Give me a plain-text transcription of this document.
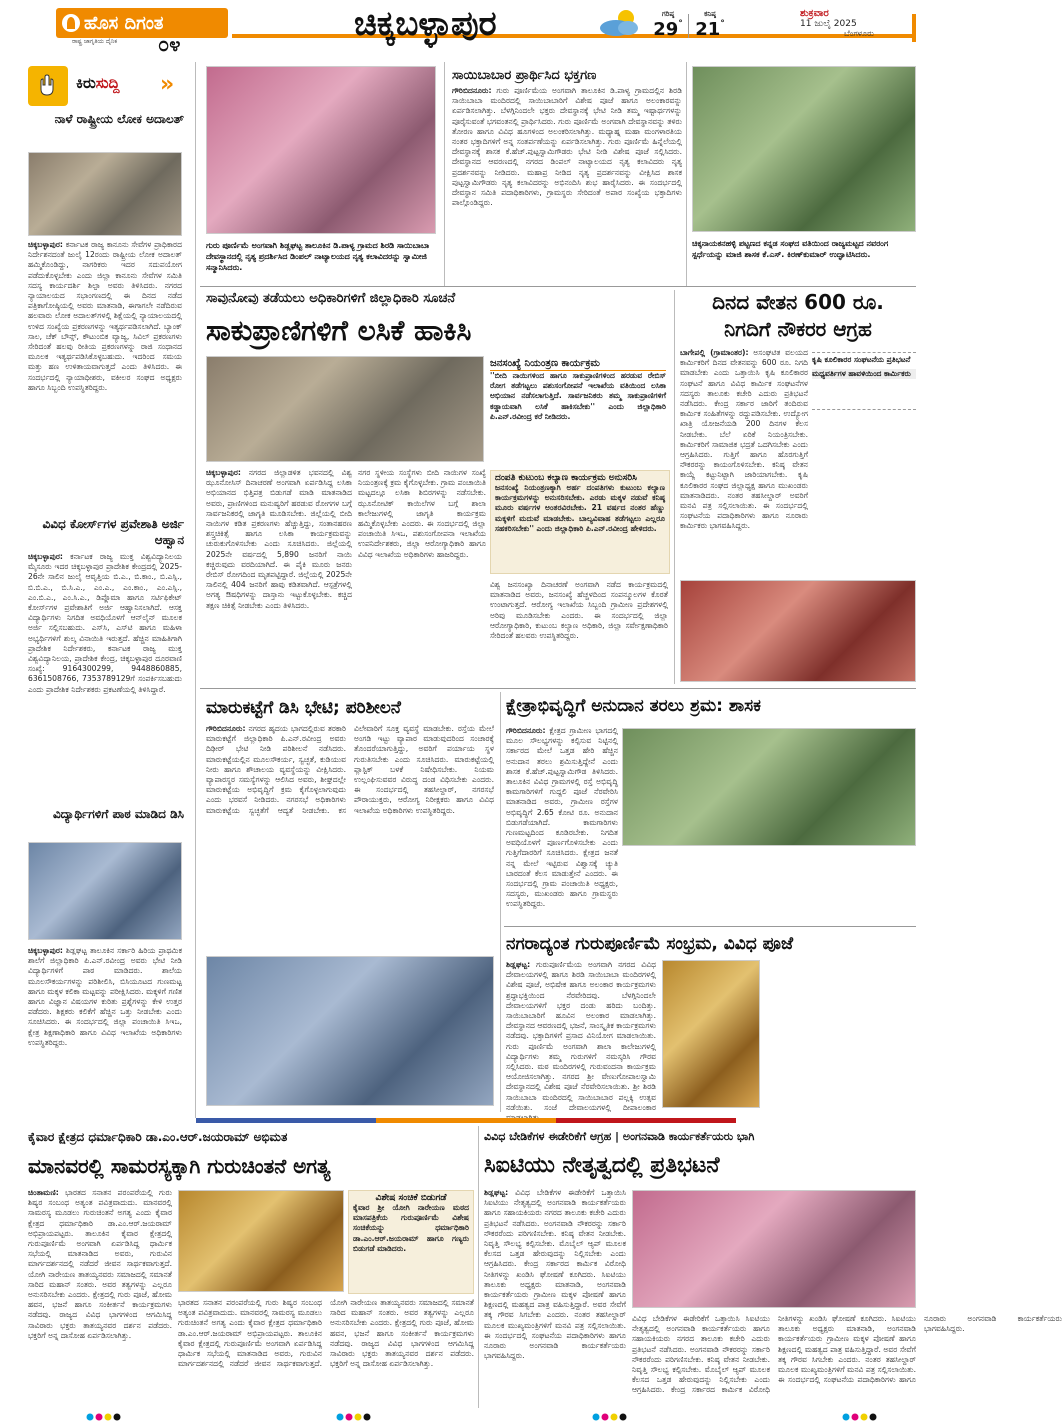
ಹೊಸ ದಿಗಂತ
ರಾಷ್ಟ್ರ ಜಾಗೃತಿಯ ದೈನಿಕ ೦೪	ಚಿಕ್ಕಬಳ್ಳಾಪುರ	ಗರಿಷ್ಠ
29°
ಕನಿಷ್ಠ
21°
ಶುಕ್ರವಾರ
11 ಜುಲೈ 2025
ಬೆಂಗಳೂರು
ಕಿರುಸುದ್ದಿ »
ನಾಳೆ ರಾಷ್ಟ್ರೀಯ ಲೋಕ ಅದಾಲತ್
ಚಿಕ್ಕಬಳ್ಳಾಪುರ: ಕರ್ನಾಟಕ ರಾಜ್ಯ ಕಾನೂನು ಸೇವೆಗಳ ಪ್ರಾಧಿಕಾರದ ನಿರ್ದೇಶನದಂತೆ ಜುಲೈ 12ರಂದು ರಾಷ್ಟ್ರೀಯ ಲೋಕ ಅದಾಲತ್ ಹಮ್ಮಿಕೊಂಡಿದ್ದು, ನಾಗರಿಕರು ಇದರ ಸದುಪಯೋಗ ಪಡೆದುಕೊಳ್ಳಬೇಕು ಎಂದು ಜಿಲ್ಲಾ ಕಾನೂನು ಸೇವೆಗಳ ಸಮಿತಿ ಸದಸ್ಯ ಕಾರ್ಯದರ್ಶಿ ಶಿಲ್ಪಾ ಅವರು ತಿಳಿಸಿದರು. ನಗರದ ನ್ಯಾಯಾಲಯದ ಸಭಾಂಗಣದಲ್ಲಿ ಈ ದಿನದ ನಡೆದ ಪತ್ರಿಕಾಗೋಷ್ಠಿಯಲ್ಲಿ ಅವರು ಮಾತನಾಡಿ, ಈಗಾಗಲೇ ನಡೆದಿರುವ ಹಲವಾರು ಲೋಕ ಅದಾಲತ್‌ಗಳಲ್ಲಿ ಶಿಕ್ಷೆಯಲ್ಲಿ ನ್ಯಾಯಾಲಯದಲ್ಲಿ ಉಳಿದ ಸಂಖ್ಯೆಯ ಪ್ರಕರಣಗಳನ್ನು ಇತ್ಯರ್ಥಪಡಿಸಲಾಗಿದೆ. ಬ್ಯಾಂಕ್ ಸಾಲ, ಚೆಕ್ ಬೌನ್ಸ್, ಕೌಟುಂಬಿಕ ವ್ಯಾಜ್ಯ, ಸಿವಿಲ್ ಪ್ರಕರಣಗಳು ಸೇರಿದಂತೆ ಹಲವು ರೀತಿಯ ಪ್ರಕರಣಗಳನ್ನು ರಾಜಿ ಸಂಧಾನದ ಮೂಲಕ ಇತ್ಯರ್ಥಪಡಿಸಿಕೊಳ್ಳಬಹುದು. ಇದರಿಂದ ಸಮಯ ಮತ್ತು ಹಣ ಉಳಿತಾಯವಾಗುತ್ತದೆ ಎಂದು ತಿಳಿಸಿದರು. ಈ ಸಂದರ್ಭದಲ್ಲಿ ನ್ಯಾಯಾಧೀಶರು, ವಕೀಲರ ಸಂಘದ ಅಧ್ಯಕ್ಷರು ಹಾಗೂ ಸಿಬ್ಬಂದಿ ಉಪಸ್ಥಿತರಿದ್ದರು.
ವಿವಿಧ ಕೋರ್ಸ್‌ಗಳ ಪ್ರವೇಶಾತಿ ಅರ್ಜಿ ಆಹ್ವಾನ
ಚಿಕ್ಕಬಳ್ಳಾಪುರ: ಕರ್ನಾಟಕ ರಾಜ್ಯ ಮುಕ್ತ ವಿಶ್ವವಿದ್ಯಾನಿಲಯ ಮೈಸೂರು ಇದರ ಚಿಕ್ಕಬಳ್ಳಾಪುರ ಪ್ರಾದೇಶಿಕ ಕೇಂದ್ರದಲ್ಲಿ 2025-26ನೇ ಸಾಲಿನ ಜುಲೈ ಆವೃತ್ತಿಯ ಬಿ.ಎ., ಬಿ.ಕಾಂ., ಬಿ.ಎಸ್ಸಿ., ಬಿ.ಬಿ.ಎ., ಬಿ.ಸಿ.ಎ., ಎಂ.ಎ., ಎಂ.ಕಾಂ., ಎಂ.ಎಸ್ಸಿ., ಎಂ.ಬಿ.ಎ., ಎಂ.ಸಿ.ಎ., ಡಿಪ್ಲೊಮಾ ಹಾಗೂ ಸರ್ಟಿಫಿಕೇಟ್ ಕೋರ್ಸ್‌ಗಳ ಪ್ರವೇಶಾತಿಗೆ ಅರ್ಜಿ ಆಹ್ವಾನಿಸಲಾಗಿದೆ. ಆಸಕ್ತ ವಿದ್ಯಾರ್ಥಿಗಳು ನಿಗದಿತ ಅವಧಿಯೊಳಗೆ ಆನ್‌ಲೈನ್ ಮೂಲಕ ಅರ್ಜಿ ಸಲ್ಲಿಸಬಹುದು. ಎಸ್‌ಸಿ, ಎಸ್‌ಟಿ ಹಾಗೂ ಮಹಿಳಾ ಅಭ್ಯರ್ಥಿಗಳಿಗೆ ಶುಲ್ಕ ವಿನಾಯಿತಿ ಇರುತ್ತದೆ. ಹೆಚ್ಚಿನ ಮಾಹಿತಿಗಾಗಿ ಪ್ರಾದೇಶಿಕ ನಿರ್ದೇಶಕರು, ಕರ್ನಾಟಕ ರಾಜ್ಯ ಮುಕ್ತ ವಿಶ್ವವಿದ್ಯಾನಿಲಯ, ಪ್ರಾದೇಶಿಕ ಕೇಂದ್ರ, ಚಿಕ್ಕಬಳ್ಳಾಪುರ ದೂರವಾಣಿ ಸಂಖ್ಯೆ: 9164300299, 9448860885, 6361508766, 7353789129ಗೆ ಸಂಪರ್ಕಿಸಬಹುದು ಎಂದು ಪ್ರಾದೇಶಿಕ ನಿರ್ದೇಶಕರು ಪ್ರಕಟಣೆಯಲ್ಲಿ ತಿಳಿಸಿದ್ದಾರೆ.
ವಿದ್ಯಾರ್ಥಿಗಳಿಗೆ ಪಾಠ ಮಾಡಿದ ಡಿಸಿ
ಚಿಕ್ಕಬಳ್ಳಾಪುರ: ಶಿಡ್ಲಘಟ್ಟ ತಾಲೂಕಿನ ಸರ್ಕಾರಿ ಹಿರಿಯ ಪ್ರಾಥಮಿಕ ಶಾಲೆಗೆ ಜಿಲ್ಲಾಧಿಕಾರಿ ಪಿ.ಎನ್.ರವೀಂದ್ರ ಅವರು ಭೇಟಿ ನೀಡಿ ವಿದ್ಯಾರ್ಥಿಗಳಿಗೆ ಪಾಠ ಮಾಡಿದರು. ಶಾಲೆಯ ಮೂಲಸೌಕರ್ಯಗಳನ್ನು ಪರಿಶೀಲಿಸಿ, ಬಿಸಿಯೂಟದ ಗುಣಮಟ್ಟ ಹಾಗೂ ಮಕ್ಕಳ ಕಲಿಕಾ ಮಟ್ಟವನ್ನು ಪರೀಕ್ಷಿಸಿದರು. ಮಕ್ಕಳಿಗೆ ಗಣಿತ ಹಾಗೂ ವಿಜ್ಞಾನ ವಿಷಯಗಳ ಕುರಿತು ಪ್ರಶ್ನೆಗಳನ್ನು ಕೇಳಿ ಉತ್ತರ ಪಡೆದರು. ಶಿಕ್ಷಕರು ಕಲಿಕೆಗೆ ಹೆಚ್ಚಿನ ಒತ್ತು ನೀಡಬೇಕು ಎಂದು ಸೂಚಿಸಿದರು. ಈ ಸಂದರ್ಭದಲ್ಲಿ ಜಿಲ್ಲಾ ಪಂಚಾಯಿತಿ ಸಿಇಒ, ಕ್ಷೇತ್ರ ಶಿಕ್ಷಣಾಧಿಕಾರಿ ಹಾಗೂ ವಿವಿಧ ಇಲಾಖೆಯ ಅಧಿಕಾರಿಗಳು ಉಪಸ್ಥಿತರಿದ್ದರು.
ಗುರು ಪೂರ್ಣಿಮೆ ಅಂಗವಾಗಿ ಶಿಡ್ಲಘಟ್ಟ ತಾಲೂಕಿನ ಡಿ.ಪಾಳ್ಯ ಗ್ರಾಮದ ಶಿರಡಿ ಸಾಯಿಬಾಬಾ ದೇವಸ್ಥಾನದಲ್ಲಿ ನೃತ್ಯ ಪ್ರದರ್ಶಿಸಿದ ಡಿಂಪಲ್ ನಾಟ್ಯಾಲಯದ ನೃತ್ಯ ಕಲಾವಿದರನ್ನು ಸ್ವಾಮೀಜಿ ಸನ್ಮಾನಿಸಿದರು.
ಸಾಯಿಬಾಬಾರ ಪ್ರಾರ್ಥಿಸಿದ ಭಕ್ತಗಣ
ಗೌರಿಬಿದನೂರು: ಗುರು ಪೂರ್ಣಿಮೆಯ ಅಂಗವಾಗಿ ತಾಲೂಕಿನ ಡಿ.ಪಾಳ್ಯ ಗ್ರಾಮದಲ್ಲಿನ ಶಿರಡಿ ಸಾಯಿಬಾಬಾ ಮಂದಿರದಲ್ಲಿ ಸಾಯಿಬಾಬಾರಿಗೆ ವಿಶೇಷ ಪೂಜೆ ಹಾಗೂ ಅಲಂಕಾರವನ್ನು ಏರ್ಪಡಿಸಲಾಗಿತ್ತು. ಬೆಳಗ್ಗಿನಿಂದಲೇ ಭಕ್ತರು ದೇವಸ್ಥಾನಕ್ಕೆ ಭೇಟಿ ನೀಡಿ ತಮ್ಮ ಇಷ್ಟಾರ್ಥಗಳನ್ನು ಪೂರೈಸುವಂತೆ ಭಗವಂತನಲ್ಲಿ ಪ್ರಾರ್ಥಿಸಿದರು. ಗುರು ಪೂರ್ಣಿಮೆ ಅಂಗವಾಗಿ ದೇವಸ್ಥಾನವನ್ನು ತಳಿರು ತೋರಣ ಹಾಗೂ ವಿವಿಧ ಹೂಗಳಿಂದ ಅಲಂಕರಿಸಲಾಗಿತ್ತು. ಮಧ್ಯಾಹ್ನ ಮಹಾ ಮಂಗಳಾರತಿಯ ನಂತರ ಭಕ್ತಾದಿಗಳಿಗೆ ಅನ್ನ ಸಂತರ್ಪಣೆಯನ್ನು ಏರ್ಪಡಿಸಲಾಗಿತ್ತು. ಗುರು ಪೂರ್ಣಿಮೆ ಹಿನ್ನೆಲೆಯಲ್ಲಿ ದೇವಸ್ಥಾನಕ್ಕೆ ಶಾಸಕ ಕೆ.ಹೆಚ್.ಪುಟ್ಟಸ್ವಾಮಿಗೌಡರು ಭೇಟಿ ನೀಡಿ ವಿಶೇಷ ಪೂಜೆ ಸಲ್ಲಿಸಿದರು. ದೇವಸ್ಥಾನದ ಆವರಣದಲ್ಲಿ ನಗರದ ಡಿಂಪಲ್ ನಾಟ್ಯಾಲಯದ ನೃತ್ಯ ಕಲಾವಿದರು ನೃತ್ಯ ಪ್ರದರ್ಶನವನ್ನು ನೀಡಿದರು. ಮಹಾಪ್ರ ನೀಡಿದ ನೃತ್ಯ ಪ್ರದರ್ಶನವನ್ನು ವೀಕ್ಷಿಸಿದ ಶಾಸಕ ಪುಟ್ಟಸ್ವಾಮಿಗೌಡರು ನೃತ್ಯ ಕಲಾವಿದರನ್ನು ಅಭಿನಂದಿಸಿ ಶುಭ ಹಾರೈಸಿದರು. ಈ ಸಂದರ್ಭದಲ್ಲಿ ದೇವಸ್ಥಾನ ಸಮಿತಿ ಪದಾಧಿಕಾರಿಗಳು, ಗ್ರಾಮಸ್ಥರು ಸೇರಿದಂತೆ ಅಪಾರ ಸಂಖ್ಯೆಯ ಭಕ್ತಾದಿಗಳು ಪಾಲ್ಗೊಂಡಿದ್ದರು.
ಚಿಕ್ಕನಾಯಕನಹಳ್ಳಿ ಪಟ್ಟಣದ ಕನ್ನಡ ಸಂಘದ ವತಿಯಿಂದ ರಾಜ್ಯಮಟ್ಟದ ನವರಂಗ ಸ್ಪರ್ಧೆಯನ್ನು ಮಾಜಿ ಶಾಸಕ ಕೆ.ಎಸ್. ಕಿರಣ್‌ಕುಮಾರ್ ಉದ್ಘಾಟಿಸಿದರು.
ಸಾವುನೋವು ತಡೆಯಲು ಅಧಿಕಾರಿಗಳಿಗೆ ಜಿಲ್ಲಾಧಿಕಾರಿ ಸೂಚನೆ
ಸಾಕುಪ್ರಾಣಿಗಳಿಗೆ ಲಸಿಕೆ ಹಾಕಿಸಿ
ಜನಸಂಖ್ಯೆ ನಿಯಂತ್ರಣ ಕಾರ್ಯಕ್ರಮ
''ಬೀದಿ ನಾಯಿಗಳಿಂದ ಹಾಗೂ ಸಾಕುಪ್ರಾಣಿಗಳಿಂದ ಹರಡುವ ರೇಬಿಸ್ ರೋಗ ತಡೆಗಟ್ಟಲು ಪಶುಸಂಗೋಪನೆ ಇಲಾಖೆಯ ವತಿಯಿಂದ ಲಸಿಕಾ ಅಭಿಯಾನ ನಡೆಸಲಾಗುತ್ತಿದೆ. ಸಾರ್ವಜನಿಕರು ತಮ್ಮ ಸಾಕುಪ್ರಾಣಿಗಳಿಗೆ ಕಡ್ಡಾಯವಾಗಿ ಲಸಿಕೆ ಹಾಕಿಸಬೇಕು'' ಎಂದು ಜಿಲ್ಲಾಧಿಕಾರಿ ಪಿ.ಎನ್.ರವೀಂದ್ರ ಕರೆ ನೀಡಿದರು.
ಚಿಕ್ಕಬಳ್ಳಾಪುರ: ನಗರದ ಜಿಲ್ಲಾಡಳಿತ ಭವನದಲ್ಲಿ ವಿಶ್ವ ಝೂನೋಸಿಸ್ ದಿನಾಚರಣೆ ಅಂಗವಾಗಿ ಏರ್ಪಡಿಸಿದ್ದ ಲಸಿಕಾ ಅಭಿಯಾನದ ಭಿತ್ತಿಪತ್ರ ಬಿಡುಗಡೆ ಮಾಡಿ ಮಾತನಾಡಿದ ಅವರು, ಪ್ರಾಣಿಗಳಿಂದ ಮನುಷ್ಯರಿಗೆ ಹರಡುವ ರೋಗಗಳ ಬಗ್ಗೆ ಸಾರ್ವಜನಿಕರಲ್ಲಿ ಜಾಗೃತಿ ಮೂಡಿಸಬೇಕು. ಜಿಲ್ಲೆಯಲ್ಲಿ ಬೀದಿ ನಾಯಿಗಳ ಕಡಿತ ಪ್ರಕರಣಗಳು ಹೆಚ್ಚುತ್ತಿದ್ದು, ಸಂತಾನಹರಣ ಶಸ್ತ್ರಚಿಕಿತ್ಸೆ ಹಾಗೂ ಲಸಿಕಾ ಕಾರ್ಯಕ್ರಮವನ್ನು ಚುರುಕುಗೊಳಿಸಬೇಕು ಎಂದು ಸೂಚಿಸಿದರು. ಜಿಲ್ಲೆಯಲ್ಲಿ 2025ನೇ ವರ್ಷದಲ್ಲಿ 5,890 ಜನರಿಗೆ ನಾಯಿ ಕಚ್ಚಿರುವುದು ವರದಿಯಾಗಿದೆ. ಈ ಪೈಕಿ ಮೂರು ಜನರು ರೇಬಿಸ್ ರೋಗದಿಂದ ಮೃತಪಟ್ಟಿದ್ದಾರೆ. ಜಿಲ್ಲೆಯಲ್ಲಿ 2025ನೇ ಸಾಲಿನಲ್ಲಿ 404 ಜನರಿಗೆ ಹಾವು ಕಡಿತವಾಗಿದೆ. ಆಸ್ಪತ್ರೆಗಳಲ್ಲಿ ಅಗತ್ಯ ಔಷಧಿಗಳನ್ನು ದಾಸ್ತಾನು ಇಟ್ಟುಕೊಳ್ಳಬೇಕು. ಕಚ್ಚಿದ ತಕ್ಷಣ ಚಿಕಿತ್ಸೆ ನೀಡಬೇಕು ಎಂದು ತಿಳಿಸಿದರು.
ನಗರ ಸ್ಥಳೀಯ ಸಂಸ್ಥೆಗಳು ಬೀದಿ ನಾಯಿಗಳ ಸಂಖ್ಯೆ ನಿಯಂತ್ರಣಕ್ಕೆ ಕ್ರಮ ಕೈಗೊಳ್ಳಬೇಕು. ಗ್ರಾಮ ಪಂಚಾಯಿತಿ ಮಟ್ಟದಲ್ಲೂ ಲಸಿಕಾ ಶಿಬಿರಗಳನ್ನು ನಡೆಸಬೇಕು. ಝೂನೋಟಿಕ್ ಕಾಯಿಲೆಗಳ ಬಗ್ಗೆ ಶಾಲಾ ಕಾಲೇಜುಗಳಲ್ಲಿ ಜಾಗೃತಿ ಕಾರ್ಯಕ್ರಮ ಹಮ್ಮಿಕೊಳ್ಳಬೇಕು ಎಂದರು. ಈ ಸಂದರ್ಭದಲ್ಲಿ ಜಿಲ್ಲಾ ಪಂಚಾಯಿತಿ ಸಿಇಒ, ಪಶುಸಂಗೋಪನಾ ಇಲಾಖೆಯ ಉಪನಿರ್ದೇಶಕರು, ಜಿಲ್ಲಾ ಆರೋಗ್ಯಾಧಿಕಾರಿ ಹಾಗೂ ವಿವಿಧ ಇಲಾಖೆಯ ಅಧಿಕಾರಿಗಳು ಹಾಜರಿದ್ದರು.
ದಂಪತಿ ಕುಟುಂಬ ಕಲ್ಯಾಣ ಕಾರ್ಯಕ್ರಮ ಅನುಸರಿಸಿ
ಜನಸಂಖ್ಯೆ ನಿಯಂತ್ರಣಕ್ಕಾಗಿ ಅರ್ಹ ದಂಪತಿಗಳು ಕುಟುಂಬ ಕಲ್ಯಾಣ ಕಾರ್ಯಕ್ರಮಗಳನ್ನು ಅನುಸರಿಸಬೇಕು. ಎರಡು ಮಕ್ಕಳ ನಡುವೆ ಕನಿಷ್ಠ ಮೂರು ವರ್ಷಗಳ ಅಂತರವಿರಬೇಕು. 21 ವರ್ಷದ ನಂತರ ಹೆಣ್ಣು ಮಕ್ಕಳಿಗೆ ಮದುವೆ ಮಾಡಬೇಕು. ಬಾಲ್ಯವಿವಾಹ ತಡೆಗಟ್ಟಲು ಎಲ್ಲರೂ ಸಹಕರಿಸಬೇಕು'' ಎಂದು ಜಿಲ್ಲಾಧಿಕಾರಿ ಪಿ.ಎನ್.ರವೀಂದ್ರ ಹೇಳಿದರು.
ವಿಶ್ವ ಜನಸಂಖ್ಯಾ ದಿನಾಚರಣೆ ಅಂಗವಾಗಿ ನಡೆದ ಕಾರ್ಯಕ್ರಮದಲ್ಲಿ ಮಾತನಾಡಿದ ಅವರು, ಜನಸಂಖ್ಯೆ ಹೆಚ್ಚಳದಿಂದ ಸಂಪನ್ಮೂಲಗಳ ಕೊರತೆ ಉಂಟಾಗುತ್ತದೆ. ಆರೋಗ್ಯ ಇಲಾಖೆಯ ಸಿಬ್ಬಂದಿ ಗ್ರಾಮೀಣ ಪ್ರದೇಶಗಳಲ್ಲಿ ಅರಿವು ಮೂಡಿಸಬೇಕು ಎಂದರು. ಈ ಸಂದರ್ಭದಲ್ಲಿ ಜಿಲ್ಲಾ ಆರೋಗ್ಯಾಧಿಕಾರಿ, ಕುಟುಂಬ ಕಲ್ಯಾಣ ಅಧಿಕಾರಿ, ಜಿಲ್ಲಾ ಸರ್ವೇಕ್ಷಣಾಧಿಕಾರಿ ಸೇರಿದಂತೆ ಹಲವರು ಉಪಸ್ಥಿತರಿದ್ದರು.
ದಿನದ ವೇತನ 600 ರೂ.
ನಿಗದಿಗೆ ನೌಕರರ ಆಗ್ರಹ
ಬಾಗೇಪಲ್ಲಿ (ಗ್ರಾಮಾಂತರ): ಅಸಂಘಟಿತ ವಲಯದ ಕಾರ್ಮಿಕರಿಗೆ ದಿನದ ವೇತನವನ್ನು 600 ರೂ. ನಿಗದಿ ಮಾಡಬೇಕು ಎಂದು ಒತ್ತಾಯಿಸಿ ಕೃಷಿ ಕೂಲಿಕಾರರ ಸಂಘಟನೆ ಹಾಗೂ ವಿವಿಧ ಕಾರ್ಮಿಕ ಸಂಘಟನೆಗಳ ಸದಸ್ಯರು ತಾಲೂಕು ಕಚೇರಿ ಎದುರು ಪ್ರತಿಭಟನೆ ನಡೆಸಿದರು. ಕೇಂದ್ರ ಸರ್ಕಾರ ಜಾರಿಗೆ ತಂದಿರುವ ಕಾರ್ಮಿಕ ಸಂಹಿತೆಗಳನ್ನು ರದ್ದುಪಡಿಸಬೇಕು. ಉದ್ಯೋಗ ಖಾತ್ರಿ ಯೋಜನೆಯಡಿ 200 ದಿನಗಳ ಕೆಲಸ ನೀಡಬೇಕು. ಬೆಲೆ ಏರಿಕೆ ನಿಯಂತ್ರಿಸಬೇಕು. ಕಾರ್ಮಿಕರಿಗೆ ಸಾಮಾಜಿಕ ಭದ್ರತೆ ಒದಗಿಸಬೇಕು ಎಂದು ಆಗ್ರಹಿಸಿದರು. ಗುತ್ತಿಗೆ ಹಾಗೂ ಹೊರಗುತ್ತಿಗೆ ನೌಕರರನ್ನು ಕಾಯಂಗೊಳಿಸಬೇಕು. ಕನಿಷ್ಠ ವೇತನ ಕಾಯ್ದೆ ಕಟ್ಟುನಿಟ್ಟಾಗಿ ಜಾರಿಯಾಗಬೇಕು. ಕೃಷಿ ಕೂಲಿಕಾರರ ಸಂಘದ ಜಿಲ್ಲಾಧ್ಯಕ್ಷ ಹಾಗೂ ಮುಖಂಡರು ಮಾತನಾಡಿದರು. ನಂತರ ತಹಸೀಲ್ದಾರ್ ಅವರಿಗೆ ಮನವಿ ಪತ್ರ ಸಲ್ಲಿಸಲಾಯಿತು. ಈ ಸಂದರ್ಭದಲ್ಲಿ ಸಂಘಟನೆಯ ಪದಾಧಿಕಾರಿಗಳು ಹಾಗೂ ನೂರಾರು ಕಾರ್ಮಿಕರು ಭಾಗವಹಿಸಿದ್ದರು.
ಕೃಷಿ ಕೂಲಿಕಾರರ ಸಂಘಟನೆಯ ಪ್ರತಿಭಟನೆ
ಮಧ್ಯವರ್ತಿಗಳ ಹಾವಳಿಯಿಂದ ಕಾರ್ಮಿಕರು
ಮಾರುಕಟ್ಟೆಗೆ ಡಿಸಿ ಭೇಟಿ; ಪರಿಶೀಲನೆ
ಗೌರಿಬಿದನೂರು: ನಗರದ ಹೃದಯ ಭಾಗದಲ್ಲಿರುವ ತರಕಾರಿ ಮಾರುಕಟ್ಟೆಗೆ ಜಿಲ್ಲಾಧಿಕಾರಿ ಪಿ.ಎನ್.ರವೀಂದ್ರ ಅವರು ದಿಢೀರ್ ಭೇಟಿ ನೀಡಿ ಪರಿಶೀಲನೆ ನಡೆಸಿದರು. ಮಾರುಕಟ್ಟೆಯಲ್ಲಿನ ಮೂಲಸೌಕರ್ಯ, ಸ್ವಚ್ಛತೆ, ಕುಡಿಯುವ ನೀರು ಹಾಗೂ ಶೌಚಾಲಯ ವ್ಯವಸ್ಥೆಯನ್ನು ವೀಕ್ಷಿಸಿದರು. ವ್ಯಾಪಾರಸ್ಥರ ಸಮಸ್ಯೆಗಳನ್ನು ಆಲಿಸಿದ ಅವರು, ಶೀಘ್ರದಲ್ಲೇ ಮಾರುಕಟ್ಟೆಯ ಅಭಿವೃದ್ಧಿಗೆ ಕ್ರಮ ಕೈಗೊಳ್ಳಲಾಗುವುದು ಎಂದು ಭರವಸೆ ನೀಡಿದರು. ನಗರಸಭೆ ಅಧಿಕಾರಿಗಳು ಮಾರುಕಟ್ಟೆಯ ಸ್ವಚ್ಛತೆಗೆ ಆದ್ಯತೆ ನೀಡಬೇಕು. ಕಸ ವಿಲೇವಾರಿಗೆ ಸೂಕ್ತ ವ್ಯವಸ್ಥೆ ಮಾಡಬೇಕು. ರಸ್ತೆಯ ಮೇಲೆ ಅಂಗಡಿ ಇಟ್ಟು ವ್ಯಾಪಾರ ಮಾಡುವುದರಿಂದ ಸಂಚಾರಕ್ಕೆ ತೊಂದರೆಯಾಗುತ್ತಿದ್ದು, ಅವರಿಗೆ ಪರ್ಯಾಯ ಸ್ಥಳ ಗುರುತಿಸಬೇಕು ಎಂದು ಸೂಚಿಸಿದರು. ಮಾರುಕಟ್ಟೆಯಲ್ಲಿ ಪ್ಲಾಸ್ಟಿಕ್ ಬಳಕೆ ನಿಷೇಧಿಸಬೇಕು. ನಿಯಮ ಉಲ್ಲಂಘಿಸುವವರ ವಿರುದ್ಧ ದಂಡ ವಿಧಿಸಬೇಕು ಎಂದರು. ಈ ಸಂದರ್ಭದಲ್ಲಿ ತಹಸೀಲ್ದಾರ್, ನಗರಸಭೆ ಪೌರಾಯುಕ್ತರು, ಆರೋಗ್ಯ ನಿರೀಕ್ಷಕರು ಹಾಗೂ ವಿವಿಧ ಇಲಾಖೆಯ ಅಧಿಕಾರಿಗಳು ಉಪಸ್ಥಿತರಿದ್ದರು.
ಕ್ಷೇತ್ರಾಭಿವೃದ್ಧಿಗೆ ಅನುದಾನ ತರಲು ಶ್ರಮ: ಶಾಸಕ
ಗೌರಿಬಿದನೂರು: ಕ್ಷೇತ್ರದ ಗ್ರಾಮೀಣ ಭಾಗದಲ್ಲಿ ಮೂಲ ಸೌಲಭ್ಯಗಳನ್ನು ಕಲ್ಪಿಸುವ ನಿಟ್ಟಿನಲ್ಲಿ ಸರ್ಕಾರದ ಮೇಲೆ ಒತ್ತಡ ಹೇರಿ ಹೆಚ್ಚಿನ ಅನುದಾನ ತರಲು ಶ್ರಮಿಸುತ್ತಿದ್ದೇನೆ ಎಂದು ಶಾಸಕ ಕೆ.ಹೆಚ್.ಪುಟ್ಟಸ್ವಾಮಿಗೌಡ ತಿಳಿಸಿದರು. ತಾಲೂಕಿನ ವಿವಿಧ ಗ್ರಾಮಗಳಲ್ಲಿ ರಸ್ತೆ ಅಭಿವೃದ್ಧಿ ಕಾಮಗಾರಿಗಳಿಗೆ ಗುದ್ದಲಿ ಪೂಜೆ ನೆರವೇರಿಸಿ ಮಾತನಾಡಿದ ಅವರು, ಗ್ರಾಮೀಣ ರಸ್ತೆಗಳ ಅಭಿವೃದ್ಧಿಗೆ 2.65 ಕೋಟಿ ರೂ. ಅನುದಾನ ಬಿಡುಗಡೆಯಾಗಿದೆ. ಕಾಮಗಾರಿಗಳು ಗುಣಮಟ್ಟದಿಂದ ಕೂಡಿರಬೇಕು. ನಿಗದಿತ ಅವಧಿಯೊಳಗೆ ಪೂರ್ಣಗೊಳಿಸಬೇಕು ಎಂದು ಗುತ್ತಿಗೆದಾರರಿಗೆ ಸೂಚಿಸಿದರು. ಕ್ಷೇತ್ರದ ಜನತೆ ನನ್ನ ಮೇಲೆ ಇಟ್ಟಿರುವ ವಿಶ್ವಾಸಕ್ಕೆ ಚ್ಯುತಿ ಬಾರದಂತೆ ಕೆಲಸ ಮಾಡುತ್ತೇನೆ ಎಂದರು. ಈ ಸಂದರ್ಭದಲ್ಲಿ ಗ್ರಾಮ ಪಂಚಾಯಿತಿ ಅಧ್ಯಕ್ಷರು, ಸದಸ್ಯರು, ಮುಖಂಡರು ಹಾಗೂ ಗ್ರಾಮಸ್ಥರು ಉಪಸ್ಥಿತರಿದ್ದರು.
ನಗರಾದ್ಯಂತ ಗುರುಪೂರ್ಣಿಮೆ ಸಂಭ್ರಮ, ವಿವಿಧ ಪೂಜೆ
ಶಿಡ್ಲಘಟ್ಟ: ಗುರುಪೂರ್ಣಿಮೆಯ ಅಂಗವಾಗಿ ನಗರದ ವಿವಿಧ ದೇವಾಲಯಗಳಲ್ಲಿ ಹಾಗೂ ಶಿರಡಿ ಸಾಯಿಬಾಬಾ ಮಂದಿರಗಳಲ್ಲಿ ವಿಶೇಷ ಪೂಜೆ, ಅಭಿಷೇಕ ಹಾಗೂ ಅಲಂಕಾರ ಕಾರ್ಯಕ್ರಮಗಳು ಶ್ರದ್ಧಾಭಕ್ತಿಯಿಂದ ನೆರವೇರಿದವು. ಬೆಳಗ್ಗಿನಿಂದಲೇ ದೇವಾಲಯಗಳಿಗೆ ಭಕ್ತರ ದಂಡು ಹರಿದು ಬಂದಿತ್ತು. ಸಾಯಿಬಾಬಾರಿಗೆ ಹೂವಿನ ಅಲಂಕಾರ ಮಾಡಲಾಗಿತ್ತು. ದೇವಸ್ಥಾನದ ಆವರಣದಲ್ಲಿ ಭಜನೆ, ಸಾಂಸ್ಕೃತಿಕ ಕಾರ್ಯಕ್ರಮಗಳು ನಡೆದವು. ಭಕ್ತಾದಿಗಳಿಗೆ ಪ್ರಸಾದ ವಿನಿಯೋಗ ಮಾಡಲಾಯಿತು. ಗುರು ಪೂರ್ಣಿಮೆ ಅಂಗವಾಗಿ ಶಾಲಾ ಕಾಲೇಜುಗಳಲ್ಲಿ ವಿದ್ಯಾರ್ಥಿಗಳು ತಮ್ಮ ಗುರುಗಳಿಗೆ ನಮಸ್ಕರಿಸಿ ಗೌರವ ಸಲ್ಲಿಸಿದರು. ಮಠ ಮಂದಿರಗಳಲ್ಲಿ ಗುರುವಂದನಾ ಕಾರ್ಯಕ್ರಮ ಆಯೋಜಿಸಲಾಗಿತ್ತು. ನಗರದ ಶ್ರೀ ವೇಣುಗೋಪಾಲಸ್ವಾಮಿ ದೇವಸ್ಥಾನದಲ್ಲಿ ವಿಶೇಷ ಪೂಜೆ ನೆರವೇರಿಸಲಾಯಿತು. ಶ್ರೀ ಶಿರಡಿ ಸಾಯಿಬಾಬಾ ಮಂದಿರದಲ್ಲಿ ಸಾಯಿಬಾಬಾರ ಪಲ್ಲಕ್ಕಿ ಉತ್ಸವ ನಡೆಯಿತು. ಸಂಜೆ ದೇವಾಲಯಗಳಲ್ಲಿ ದೀಪಾಲಂಕಾರ
ಕೈವಾರ ಕ್ಷೇತ್ರದ ಧರ್ಮಾಧಿಕಾರಿ ಡಾ.ಎಂ.ಆರ್.ಜಯರಾಮ್ ಅಭಿಮತ
ಮಾನವರಲ್ಲಿ ಸಾಮರಸ್ಯಕ್ಕಾಗಿ ಗುರುಚಿಂತನೆ ಅಗತ್ಯ
ಚಿಂತಾಮಣಿ: ಭಾರತದ ಸನಾತನ ಪರಂಪರೆಯಲ್ಲಿ ಗುರು ಶಿಷ್ಯರ ಸಂಬಂಧ ಅತ್ಯಂತ ಪವಿತ್ರವಾದುದು. ಮಾನವರಲ್ಲಿ ಸಾಮರಸ್ಯ ಮೂಡಲು ಗುರುಚಿಂತನೆ ಅಗತ್ಯ ಎಂದು ಕೈವಾರ ಕ್ಷೇತ್ರದ ಧರ್ಮಾಧಿಕಾರಿ ಡಾ.ಎಂ.ಆರ್.ಜಯರಾಮ್ ಅಭಿಪ್ರಾಯಪಟ್ಟರು. ತಾಲೂಕಿನ ಕೈವಾರ ಕ್ಷೇತ್ರದಲ್ಲಿ ಗುರುಪೂರ್ಣಿಮೆ ಅಂಗವಾಗಿ ಏರ್ಪಡಿಸಿದ್ದ ಧಾರ್ಮಿಕ ಸಭೆಯಲ್ಲಿ ಮಾತನಾಡಿದ ಅವರು, ಗುರುವಿನ ಮಾರ್ಗದರ್ಶನದಲ್ಲಿ ನಡೆದರೆ ಜೀವನ ಸಾರ್ಥಕವಾಗುತ್ತದೆ. ಯೋಗಿ ನಾರೇಯಣ ತಾತಯ್ಯನವರು ಸಮಾಜದಲ್ಲಿ ಸಮಾನತೆ ಸಾರಿದ ಮಹಾನ್ ಸಂತರು. ಅವರ ತತ್ವಗಳನ್ನು ಎಲ್ಲರೂ ಅನುಸರಿಸಬೇಕು ಎಂದರು. ಕ್ಷೇತ್ರದಲ್ಲಿ ಗುರು ಪೂಜೆ, ಹೋಮ ಹವನ, ಭಜನೆ ಹಾಗೂ ಸಂಕೀರ್ತನೆ ಕಾರ್ಯಕ್ರಮಗಳು ನಡೆದವು. ರಾಜ್ಯದ ವಿವಿಧ ಭಾಗಗಳಿಂದ ಆಗಮಿಸಿದ್ದ ಸಾವಿರಾರು ಭಕ್ತರು ತಾತಯ್ಯನವರ ದರ್ಶನ ಪಡೆದರು. ಭಕ್ತರಿಗೆ ಅನ್ನ ದಾಸೋಹ ಏರ್ಪಡಿಸಲಾಗಿತ್ತು.
ವಿಶೇಷ ಸಂಚಿಕೆ ಬಿಡುಗಡೆ
ಕೈವಾರ ಶ್ರೀ ಯೋಗಿ ನಾರೇಯಣ ಮಠದ ಮಾಸಪತ್ರಿಕೆಯ ಗುರುಪೂರ್ಣಿಮೆ ವಿಶೇಷ ಸಂಚಿಕೆಯನ್ನು ಧರ್ಮಾಧಿಕಾರಿ ಡಾ.ಎಂ.ಆರ್.ಜಯರಾಮ್ ಹಾಗೂ ಗಣ್ಯರು ಬಿಡುಗಡೆ ಮಾಡಿದರು.
ಭಾರತದ ಸನಾತನ ಪರಂಪರೆಯಲ್ಲಿ ಗುರು ಶಿಷ್ಯರ ಸಂಬಂಧ ಅತ್ಯಂತ ಪವಿತ್ರವಾದುದು. ಮಾನವರಲ್ಲಿ ಸಾಮರಸ್ಯ ಮೂಡಲು ಗುರುಚಿಂತನೆ ಅಗತ್ಯ ಎಂದು ಕೈವಾರ ಕ್ಷೇತ್ರದ ಧರ್ಮಾಧಿಕಾರಿ ಡಾ.ಎಂ.ಆರ್.ಜಯರಾಮ್ ಅಭಿಪ್ರಾಯಪಟ್ಟರು. ತಾಲೂಕಿನ ಕೈವಾರ ಕ್ಷೇತ್ರದಲ್ಲಿ ಗುರುಪೂರ್ಣಿಮೆ ಅಂಗವಾಗಿ ಏರ್ಪಡಿಸಿದ್ದ ಧಾರ್ಮಿಕ ಸಭೆಯಲ್ಲಿ ಮಾತನಾಡಿದ ಅವರು, ಗುರುವಿನ ಮಾರ್ಗದರ್ಶನದಲ್ಲಿ ನಡೆದರೆ ಜೀವನ ಸಾರ್ಥಕವಾಗುತ್ತದೆ. ಯೋಗಿ ನಾರೇಯಣ ತಾತಯ್ಯನವರು ಸಮಾಜದಲ್ಲಿ ಸಮಾನತೆ ಸಾರಿದ ಮಹಾನ್ ಸಂತರು. ಅವರ ತತ್ವಗಳನ್ನು ಎಲ್ಲರೂ ಅನುಸರಿಸಬೇಕು ಎಂದರು. ಕ್ಷೇತ್ರದಲ್ಲಿ ಗುರು ಪೂಜೆ, ಹೋಮ ಹವನ, ಭಜನೆ ಹಾಗೂ ಸಂಕೀರ್ತನೆ ಕಾರ್ಯಕ್ರಮಗಳು ನಡೆದವು. ರಾಜ್ಯದ ವಿವಿಧ ಭಾಗಗಳಿಂದ ಆಗಮಿಸಿದ್ದ ಸಾವಿರಾರು ಭಕ್ತರು ತಾತಯ್ಯನವರ ದರ್ಶನ ಪಡೆದರು. ಭಕ್ತರಿಗೆ ಅನ್ನ ದಾಸೋಹ ಏರ್ಪಡಿಸಲಾಗಿತ್ತು.
ವಿವಿಧ ಬೇಡಿಕೆಗಳ ಈಡೇರಿಕೆಗೆ ಆಗ್ರಹ | ಅಂಗನವಾಡಿ ಕಾರ್ಯಕರ್ತೆಯರು ಭಾಗಿ
ಸಿಐಟಿಯು ನೇತೃತ್ವದಲ್ಲಿ ಪ್ರತಿಭಟನೆ
ಶಿಡ್ಲಘಟ್ಟ: ವಿವಿಧ ಬೇಡಿಕೆಗಳ ಈಡೇರಿಕೆಗೆ ಒತ್ತಾಯಿಸಿ ಸಿಐಟಿಯು ನೇತೃತ್ವದಲ್ಲಿ ಅಂಗನವಾಡಿ ಕಾರ್ಯಕರ್ತೆಯರು ಹಾಗೂ ಸಹಾಯಕಿಯರು ನಗರದ ತಾಲೂಕು ಕಚೇರಿ ಎದುರು ಪ್ರತಿಭಟನೆ ನಡೆಸಿದರು. ಅಂಗನವಾಡಿ ನೌಕರರನ್ನು ಸರ್ಕಾರಿ ನೌಕರರೆಂದು ಪರಿಗಣಿಸಬೇಕು. ಕನಿಷ್ಠ ವೇತನ ನೀಡಬೇಕು. ನಿವೃತ್ತಿ ಸೌಲಭ್ಯ ಕಲ್ಪಿಸಬೇಕು. ಮೊಬೈಲ್ ಆ್ಯಪ್ ಮೂಲಕ ಕೆಲಸದ ಒತ್ತಡ ಹೇರುವುದನ್ನು ನಿಲ್ಲಿಸಬೇಕು ಎಂದು ಆಗ್ರಹಿಸಿದರು. ಕೇಂದ್ರ ಸರ್ಕಾರದ ಕಾರ್ಮಿಕ ವಿರೋಧಿ ನೀತಿಗಳನ್ನು ಖಂಡಿಸಿ ಘೋಷಣೆ ಕೂಗಿದರು. ಸಿಐಟಿಯು ತಾಲೂಕು ಅಧ್ಯಕ್ಷರು ಮಾತನಾಡಿ, ಅಂಗನವಾಡಿ ಕಾರ್ಯಕರ್ತೆಯರು ಗ್ರಾಮೀಣ ಮಕ್ಕಳ ಪೋಷಣೆ ಹಾಗೂ ಶಿಕ್ಷಣದಲ್ಲಿ ಮಹತ್ವದ ಪಾತ್ರ ವಹಿಸುತ್ತಿದ್ದಾರೆ. ಅವರ ಸೇವೆಗೆ ತಕ್ಕ ಗೌರವ ಸಿಗಬೇಕು ಎಂದರು. ನಂತರ ತಹಸೀಲ್ದಾರ್ ಮೂಲಕ ಮುಖ್ಯಮಂತ್ರಿಗಳಿಗೆ ಮನವಿ ಪತ್ರ ಸಲ್ಲಿಸಲಾಯಿತು. ಈ ಸಂದರ್ಭದಲ್ಲಿ ಸಂಘಟನೆಯ ಪದಾಧಿಕಾರಿಗಳು ಹಾಗೂ ನೂರಾರು ಅಂಗನವಾಡಿ ಕಾರ್ಯಕರ್ತೆಯರು ಭಾಗವಹಿಸಿದ್ದರು.
ವಿವಿಧ ಬೇಡಿಕೆಗಳ ಈಡೇರಿಕೆಗೆ ಒತ್ತಾಯಿಸಿ ಸಿಐಟಿಯು ನೇತೃತ್ವದಲ್ಲಿ ಅಂಗನವಾಡಿ ಕಾರ್ಯಕರ್ತೆಯರು ಹಾಗೂ ಸಹಾಯಕಿಯರು ನಗರದ ತಾಲೂಕು ಕಚೇರಿ ಎದುರು ಪ್ರತಿಭಟನೆ ನಡೆಸಿದರು. ಅಂಗನವಾಡಿ ನೌಕರರನ್ನು ಸರ್ಕಾರಿ ನೌಕರರೆಂದು ಪರಿಗಣಿಸಬೇಕು. ಕನಿಷ್ಠ ವೇತನ ನೀಡಬೇಕು. ನಿವೃತ್ತಿ ಸೌಲಭ್ಯ ಕಲ್ಪಿಸಬೇಕು. ಮೊಬೈಲ್ ಆ್ಯಪ್ ಮೂಲಕ ಕೆಲಸದ ಒತ್ತಡ ಹೇರುವುದನ್ನು ನಿಲ್ಲಿಸಬೇಕು ಎಂದು ಆಗ್ರಹಿಸಿದರು. ಕೇಂದ್ರ ಸರ್ಕಾರದ ಕಾರ್ಮಿಕ ವಿರೋಧಿ ನೀತಿಗಳನ್ನು ಖಂಡಿಸಿ ಘೋಷಣೆ ಕೂಗಿದರು. ಸಿಐಟಿಯು ತಾಲೂಕು ಅಧ್ಯಕ್ಷರು ಮಾತನಾಡಿ, ಅಂಗನವಾಡಿ ಕಾರ್ಯಕರ್ತೆಯರು ಗ್ರಾಮೀಣ ಮಕ್ಕಳ ಪೋಷಣೆ ಹಾಗೂ ಶಿಕ್ಷಣದಲ್ಲಿ ಮಹತ್ವದ ಪಾತ್ರ ವಹಿಸುತ್ತಿದ್ದಾರೆ. ಅವರ ಸೇವೆಗೆ ತಕ್ಕ ಗೌರವ ಸಿಗಬೇಕು ಎಂದರು. ನಂತರ ತಹಸೀಲ್ದಾರ್ ಮೂಲಕ ಮುಖ್ಯಮಂತ್ರಿಗಳಿಗೆ ಮನವಿ ಪತ್ರ ಸಲ್ಲಿಸಲಾಯಿತು. ಈ ಸಂದರ್ಭದಲ್ಲಿ ಸಂಘಟನೆಯ ಪದಾಧಿಕಾರಿಗಳು ಹಾಗೂ ನೂರಾರು ಅಂಗನವಾಡಿ ಕಾರ್ಯಕರ್ತೆಯರು ಭಾಗವಹಿಸಿದ್ದರು.
